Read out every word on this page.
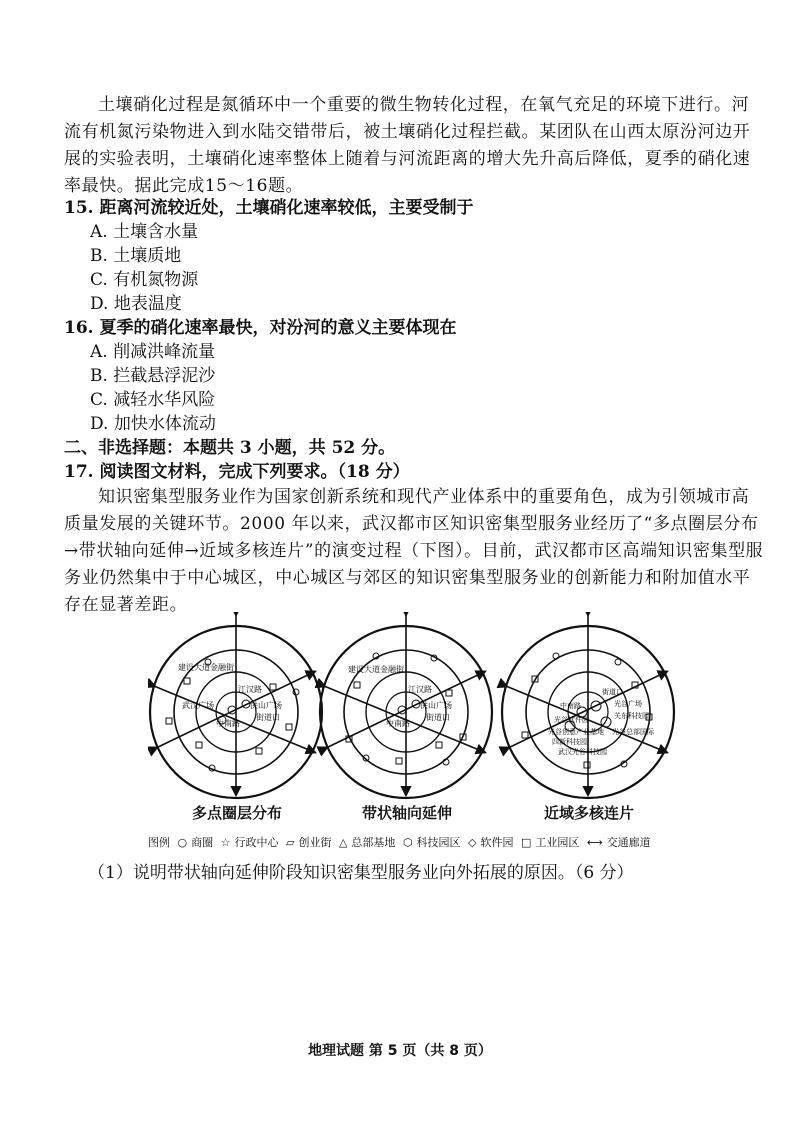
土壤硝化过程是氮循环中一个重要的微生物转化过程，在氧气充足的环境下进行。河流有机氮污染物进入到水陆交错带后，被土壤硝化过程拦截。某团队在山西太原汾河边开展的实验表明，土壤硝化速率整体上随着与河流距离的增大先升高后降低，夏季的硝化速率最快。据此完成15～16题。

15. 距离河流较近处，土壤硝化速率较低，主要受制于

A. 土壤含水量

B. 土壤质地

C. 有机氮物源

D. 地表温度

16. 夏季的硝化速率最快，对汾河的意义主要体现在

A. 削减洪峰流量

B. 拦截悬浮泥沙

C. 减轻水华风险

D. 加快水体流动

二、非选择题：本题共 3 小题，共 52 分。

17. 阅读图文材料，完成下列要求。（18 分）

知识密集型服务业作为国家创新系统和现代产业体系中的重要角色，成为引领城市高质量发展的关键环节。2000 年以来，武汉都市区知识密集型服务业经历了“多点圈层分布→带状轴向延伸→近域多核连片”的演变过程（下图）。目前，武汉都市区高端知识密集型服务业仍然集中于中心城区，中心城区与郊区的知识密集型服务业的创新能力和附加值水平存在显著差距。

建设大道金融街
江汉路
武汉广场	洪山广场
街道口
中南路
建设大道金融街
江汉路
洪山广场
街道口
中南路
中南路
街道口
光谷广场
光谷软件园	关东科技园
光谷创意产业基地 光谷总部国际
四新科技园
武汉光谷科技园
多点圈层分布	带状轴向延伸	近域多核连片
图例 ○ 商圈 ☆ 行政中心 ▱ 创业街 △ 总部基地 ⬡ 科技园区 ◇ 软件园 □ 工业园区 ⟷ 交通廊道

（1）说明带状轴向延伸阶段知识密集型服务业向外拓展的原因。（6 分）

地理试题 第 5 页（共 8 页）
